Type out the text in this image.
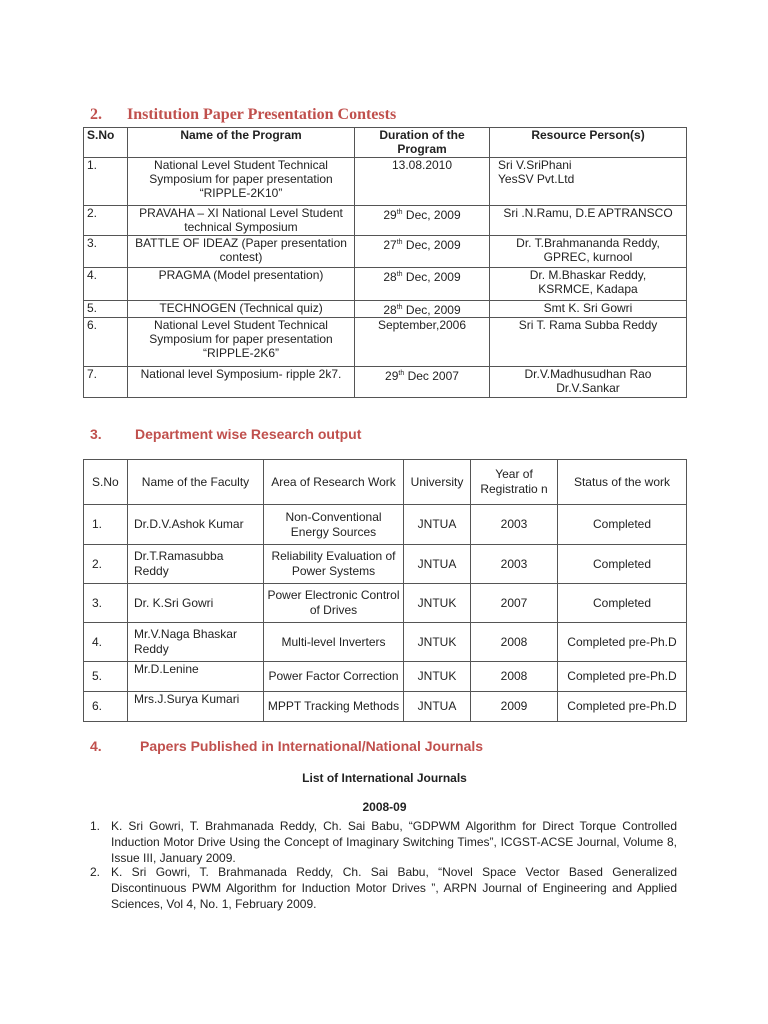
2. Institution Paper Presentation Contests
S.No	Name of the Program	Duration of the Program	Resource Person(s)
1.	National Level Student Technical Symposium for paper presentation “RIPPLE-2K10”	13.08.2010	Sri V.SriPhani
YesSV Pvt.Ltd

2.	PRAVAHA – XI National Level Student technical Symposium	29th Dec, 2009	Sri .N.Ramu, D.E APTRANSCO

3.	BATTLE OF IDEAZ (Paper presentation contest)	27th Dec, 2009	Dr. T.Brahmananda Reddy,
GPREC, kurnool

4.	PRAGMA (Model presentation)	28th Dec, 2009	Dr. M.Bhaskar Reddy,
KSRMCE, Kadapa

5.	TECHNOGEN (Technical quiz)	28th Dec, 2009	Smt K. Sri Gowri

6.	National Level Student Technical Symposium for paper presentation “RIPPLE-2K6”	September,2006	Sri T. Rama Subba Reddy

7.	National level Symposium- ripple 2k7.	29th Dec 2007	Dr.V.Madhusudhan Rao
Dr.V.Sankar
3. Department wise Research output
S.No	Name of the Faculty	Area of Research Work	University	Year of Registratio n	Status of the work
1.	Dr.D.V.Ashok Kumar	Non-Conventional Energy Sources	JNTUA	2003	Completed
2.	Dr.T.Ramasubba Reddy	Reliability Evaluation of Power Systems	JNTUA	2003	Completed
3.	Dr. K.Sri Gowri	Power Electronic Control of Drives	JNTUK	2007	Completed
4.	Mr.V.Naga Bhaskar Reddy	Multi-level Inverters	JNTUK	2008	Completed pre-Ph.D
5.	Mr.D.Lenine	Power Factor Correction	JNTUK	2008	Completed pre-Ph.D
6.	Mrs.J.Surya Kumari	MPPT Tracking Methods	JNTUA	2009	Completed pre-Ph.D
4.	Papers Published in International/National Journals
List of International Journals
2008-09
1. K. Sri Gowri, T. Brahmanada Reddy, Ch. Sai Babu, “GDPWM Algorithm for Direct Torque Controlled Induction Motor Drive Using the Concept of Imaginary Switching Times”, ICGST-ACSE Journal, Volume 8, Issue III, January 2009.
2. K. Sri Gowri, T. Brahmanada Reddy, Ch. Sai Babu, “Novel Space Vector Based Generalized Discontinuous PWM Algorithm for Induction Motor Drives ”, ARPN Journal of Engineering and Applied Sciences, Vol 4, No. 1, February 2009.
